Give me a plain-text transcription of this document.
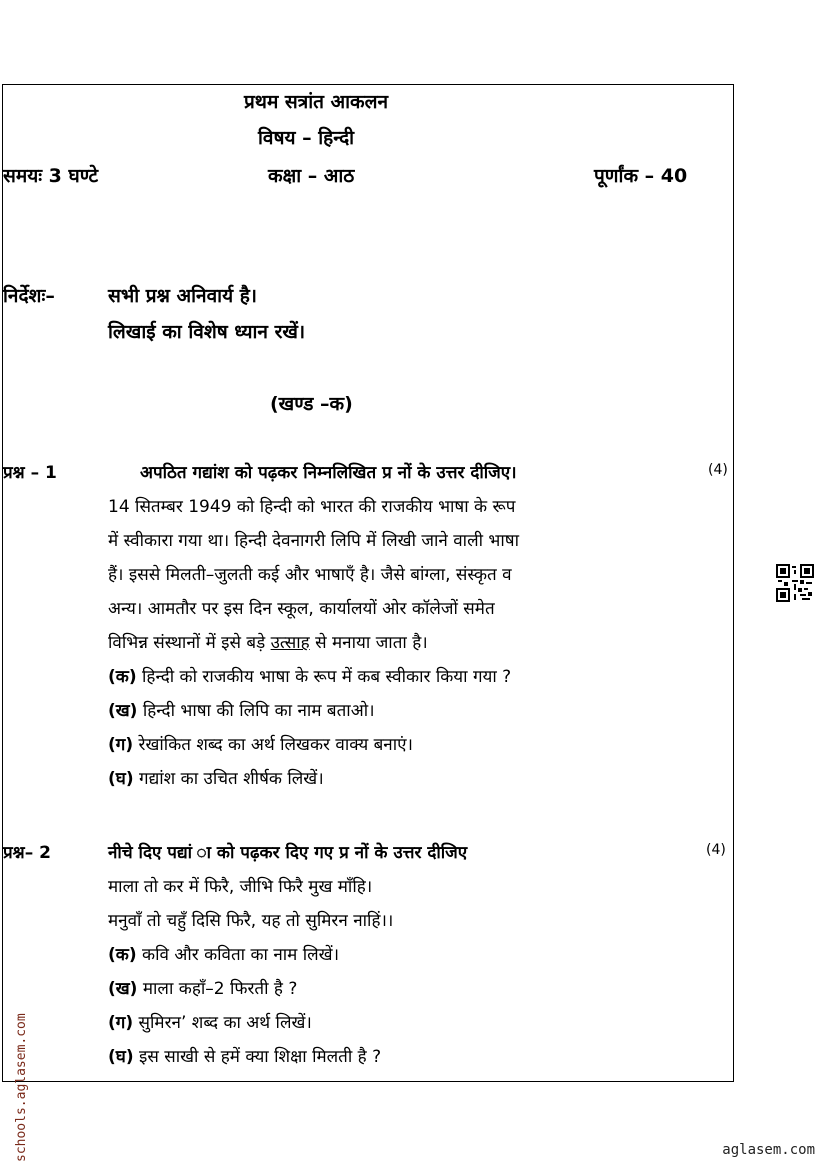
प्रथम सत्रांत आकलन
विषय – हिन्दी
समयः 3 घण्टे	कक्षा – आठ	पूर्णांक – 40
निर्देशः–	सभी प्रश्न अनिवार्य है।
लिखाई का विशेष ध्यान रखें।
(खण्ड –क)
प्रश्न – 1	अपठित गद्यांश को पढ़कर निम्नलिखित प्र नों के उत्तर दीजिए।	(4)
14 सितम्बर 1949 को हिन्दी को भारत की राजकीय भाषा के रूप
में स्वीकारा गया था। हिन्दी देवनागरी लिपि में लिखी जाने वाली भाषा
हैं। इससे मिलती–जुलती कई और भाषाएँ है। जैसे बांग्ला, संस्कृत व
अन्य। आमतौर पर इस दिन स्कूल, कार्यालयों ओर कॉलेजों समेत
विभिन्न संस्थानों में इसे बड़े उत्साह से मनाया जाता है।
(क) हिन्दी को राजकीय भाषा के रूप में कब स्वीकार किया गया ?
(ख) हिन्दी भाषा की लिपि का नाम बताओ।
(ग) रेखांकित शब्द का अर्थ लिखकर वाक्य बनाएं।
(घ) गद्यांश का उचित शीर्षक लिखें।
प्रश्न– 2	नीचे दिए पद्यां ा को पढ़कर दिए गए प्र नों के उत्तर दीजिए	(4)
माला तो कर में फिरै, जीभि फिरै मुख माँहि।
मनुवाँ तो चहुँ दिसि फिरै, यह तो सुमिरन नाहिं।।
(क) कवि और कविता का नाम लिखें।
(ख) माला कहाँ–2 फिरती है ?
(ग) सुमिरन’ शब्द का अर्थ लिखें।
(घ) इस साखी से हमें क्या शिक्षा मिलती है ?
schools.aglasem.com	aglasem.com
